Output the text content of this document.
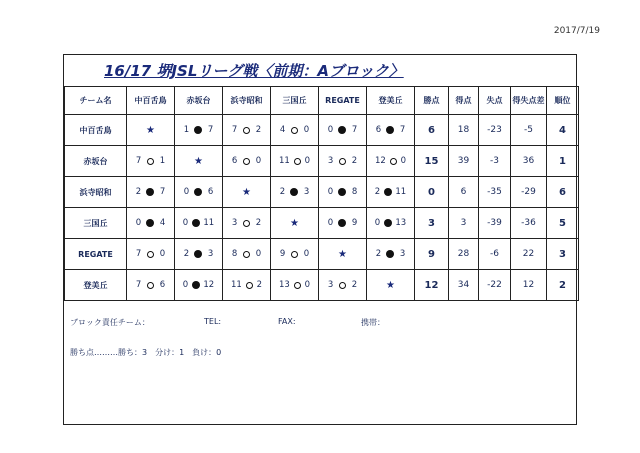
2017/7/19
16/17 堺JSLリーグ戦〈前期：Aブロック〉
チーム名	中百舌鳥	赤坂台	浜寺昭和	三国丘	REGATE	登美丘	勝点	得点	失点	得失点差	順位
中百舌鳥	★	1 7	7 2	4 0	0 7	6 7	6	18	-23	-5	4
赤坂台	7 1	★	6 0	11 0	3 2	12 0	15	39	-3	36	1
浜寺昭和	2 7	0 6	★	2 3	0 8	2 11	0	6	-35	-29	6
三国丘	0 4	0 11	3 2	★	0 9	0 13	3	3	-39	-36	5
REGATE	7 0	2 3	8 0	9 0	★	2 3	9	28	-6	22	3
登美丘	7 6	0 12	11 2	13 0	3 2	★	12	34	-22	12	2
ブロック責任チーム：	TEL:	FAX:	携帯：
勝ち点………勝ち：3　分け：1　負け：0
